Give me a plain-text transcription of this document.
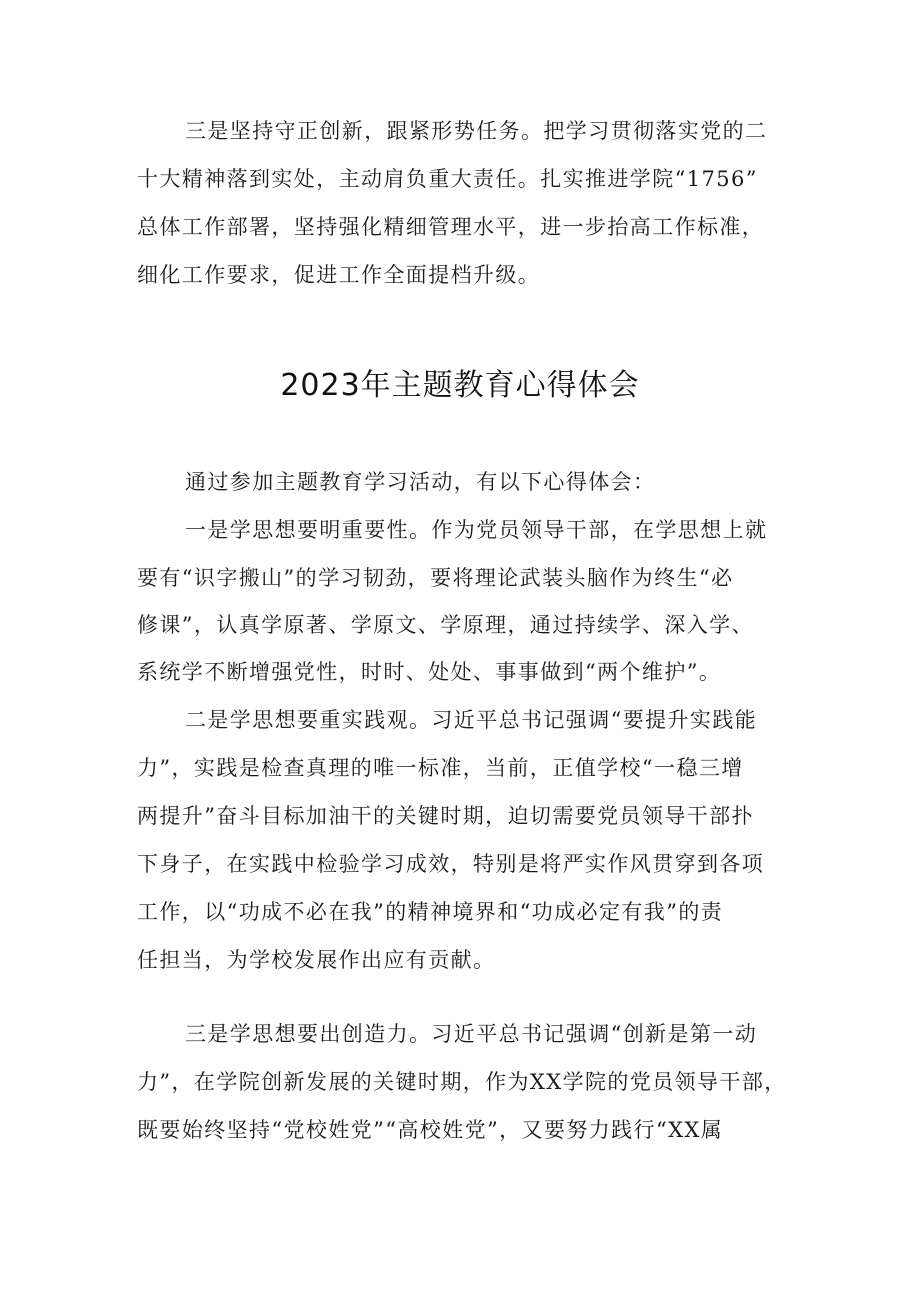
三是坚持守正创新，跟紧形势任务。把学习贯彻落实党的二

十大精神落到实处，主动肩负重大责任。扎实推进学院“1756”

总体工作部署，坚持强化精细管理水平，进一步抬高工作标准，

细化工作要求，促进工作全面提档升级。

2023年主题教育心得体会

通过参加主题教育学习活动，有以下心得体会：

一是学思想要明重要性。作为党员领导干部，在学思想上就

要有“识字搬山”的学习韧劲，要将理论武装头脑作为终生“必

修课”，认真学原著、学原文、学原理，通过持续学、深入学、

系统学不断增强党性，时时、处处、事事做到“两个维护”。

二是学思想要重实践观。习近平总书记强调“要提升实践能

力”，实践是检查真理的唯一标准，当前，正值学校“一稳三增

两提升”奋斗目标加油干的关键时期，迫切需要党员领导干部扑

下身子，在实践中检验学习成效，特别是将严实作风贯穿到各项

工作，以“功成不必在我”的精神境界和“功成必定有我”的责

任担当，为学校发展作出应有贡献。

三是学思想要出创造力。习近平总书记强调“创新是第一动

力”，在学院创新发展的关键时期，作为XX学院的党员领导干部，

既要始终坚持“党校姓党”“高校姓党”，又要努力践行“XX属
